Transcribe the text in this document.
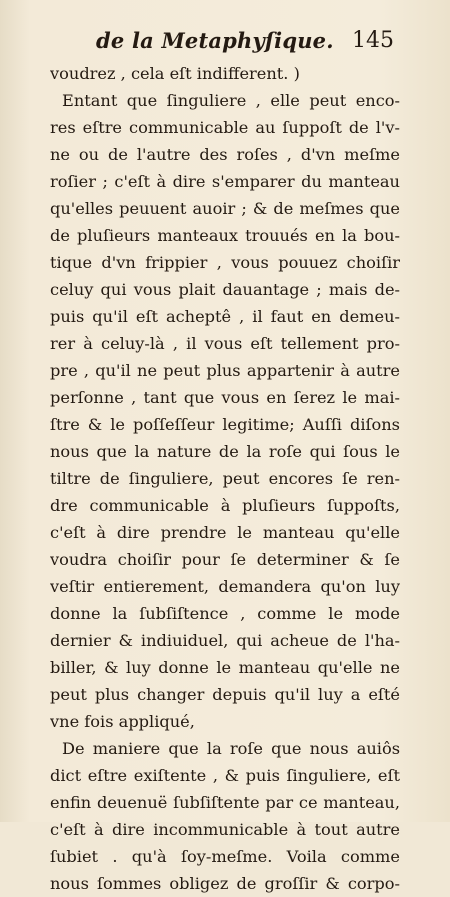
de la Metaphyſique. 145
voudrez , cela eſt indifferent. )
Entant que ſinguliere , elle peut enco-
res eſtre communicable au ſuppoſt de l'v-
ne ou de l'autre des roſes , d'vn meſme
roſier ; c'eſt à dire s'emparer du manteau
qu'elles peuuent auoir ; & de meſmes que
de pluſieurs manteaux trouués en la bou-
tique d'vn frippier , vous pouuez choiſir
celuy qui vous plait dauantage ; mais de-
puis qu'il eſt acheptê , il faut en demeu-
rer à celuy-là , il vous eſt tellement pro-
pre , qu'il ne peut plus appartenir à autre
perſonne , tant que vous en ſerez le mai-
ſtre & le poſſeſſeur legitime; Auſſi diſons
nous que la nature de la roſe qui ſous le
tiltre de ſinguliere, peut encores ſe ren-
dre communicable à pluſieurs ſuppoſts,
c'eſt à dire prendre le manteau qu'elle
voudra choiſir pour ſe determiner & ſe
veſtir entierement, demandera qu'on luy
donne la ſubſiſtence , comme le mode
dernier & indiuiduel, qui acheue de l'ha-
biller, & luy donne le manteau qu'elle ne
peut plus changer depuis qu'il luy a eſté
vne fois appliqué,
De maniere que la roſe que nous auiôs
dict eſtre exiſtente , & puis ſinguliere, eſt
enfin deuenuë ſubſiſtente par ce manteau,
c'eſt à dire incommunicable à tout autre
ſubiet . qu'à ſoy-meſme. Voila comme
nous ſommes obligez de groſſir & corpo-
